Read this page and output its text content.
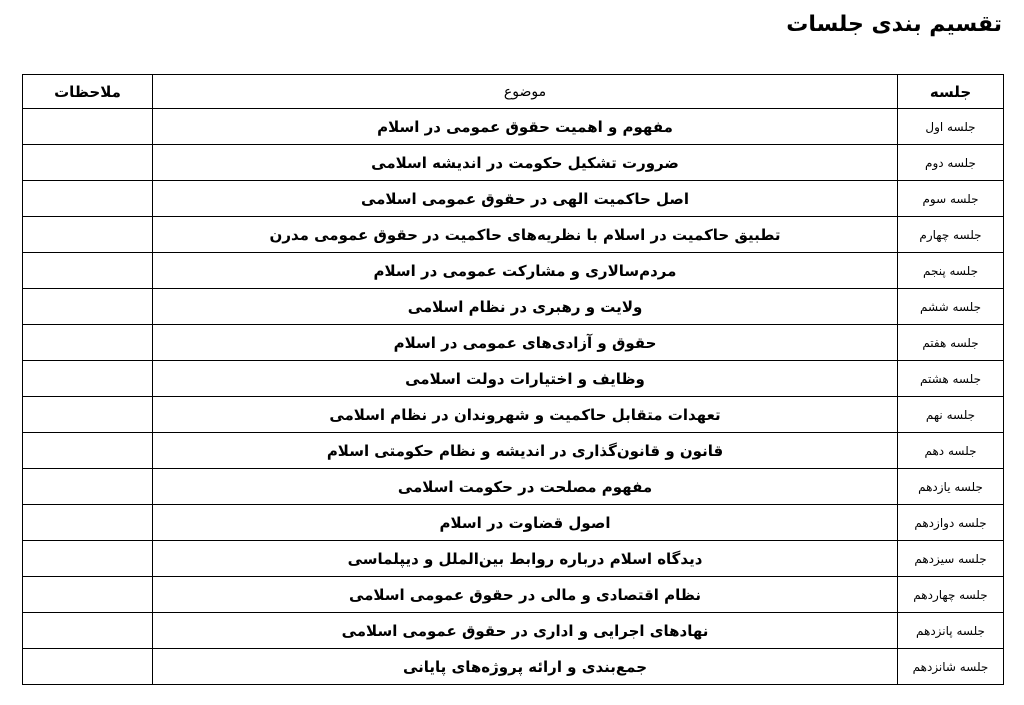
تقسیم بندی جلسات
جلسه	موضوع	ملاحظات
جلسه اول	مفهوم و اهمیت حقوق عمومی در اسلام	
جلسه دوم	ضرورت تشکیل حکومت در اندیشه اسلامی	
جلسه سوم	اصل حاکمیت الهی در حقوق عمومی اسلامی	
جلسه چهارم	تطبیق حاکمیت در اسلام با نظریه‌های حاکمیت در حقوق عمومی مدرن	
جلسه پنجم	مردم‌سالاری و مشارکت عمومی در اسلام	
جلسه ششم	ولایت و رهبری در نظام اسلامی	
جلسه هفتم	حقوق و آزادی‌های عمومی در اسلام	
جلسه هشتم	وظایف و اختیارات دولت اسلامی	
جلسه نهم	تعهدات متقابل حاکمیت و شهروندان در نظام اسلامی	
جلسه دهم	قانون و قانون‌گذاری در اندیشه و نظام حکومتی اسلام	
جلسه یازدهم	مفهوم مصلحت در حکومت اسلامی	
جلسه دوازدهم	اصول قضاوت در اسلام	
جلسه سیزدهم	دیدگاه اسلام درباره روابط بین‌الملل و دیپلماسی	
جلسه چهاردهم	نظام اقتصادی و مالی در حقوق عمومی اسلامی	
جلسه پانزدهم	نهادهای اجرایی و اداری در حقوق عمومی اسلامی	
جلسه شانزدهم	جمع‌بندی و ارائه پروژه‌های پایانی	
